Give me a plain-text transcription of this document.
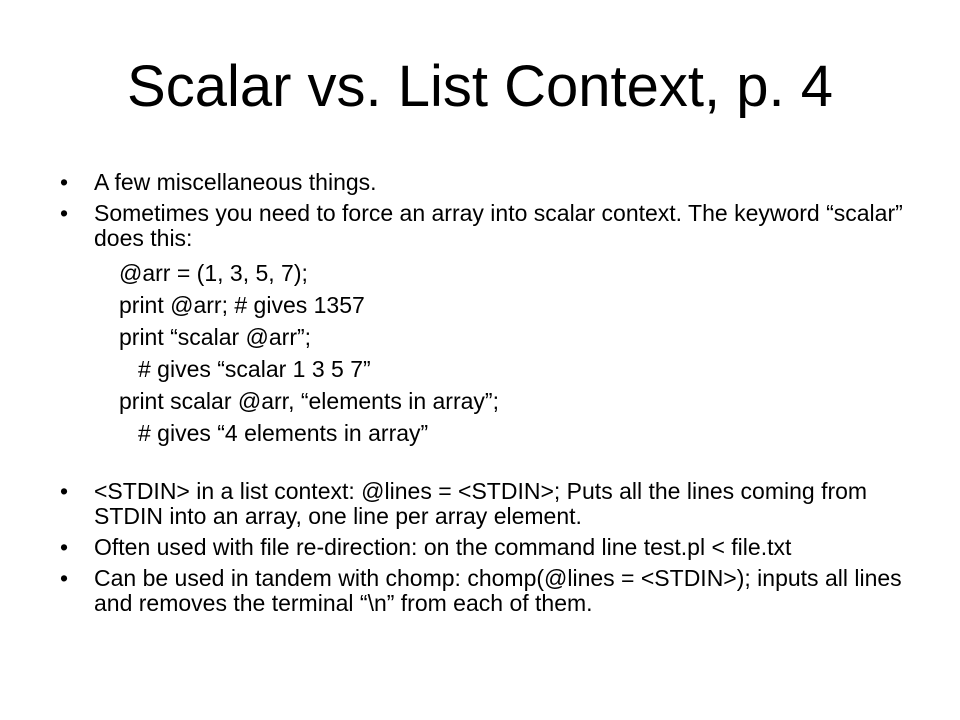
Scalar vs. List Context, p. 4
• A few miscellaneous things.
• Sometimes you need to force an array into scalar context. The keyword “scalar” does this:
@arr = (1, 3, 5, 7);
print @arr; # gives 1357
print “scalar @arr”;
# gives “scalar 1 3 5 7”
print scalar @arr, “elements in array”;
# gives “4 elements in array”
• <STDIN> in a list context: @lines = <STDIN>; Puts all the lines coming from STDIN into an array, one line per array element.
• Often used with file re-direction: on the command line test.pl < file.txt
• Can be used in tandem with chomp: chomp(@lines = <STDIN>); inputs all lines and removes the terminal “\n” from each of them.
